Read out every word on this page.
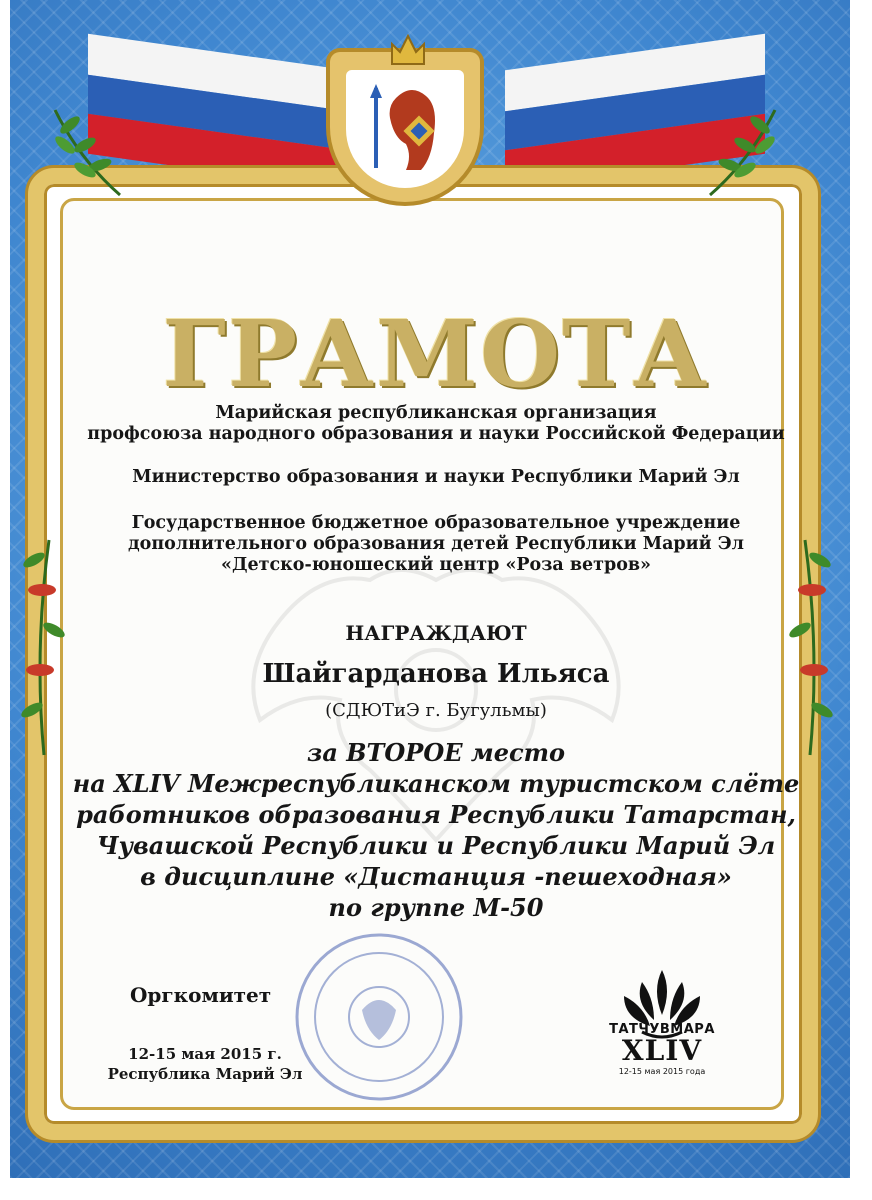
ГРАМОТА
Марийская республиканская организация
профсоюза народного образования и науки Российской Федерации
Министерство образования и науки Республики Марий Эл
Государственное бюджетное образовательное учреждение
дополнительного образования детей Республики Марий Эл
«Детско-юношеский центр «Роза ветров»
НАГРАЖДАЮТ
Шайгарданова Ильяса
(СДЮТиЭ г. Бугульмы)
за ВТОРОЕ место
на XLIV Межреспубликанском туристском слёте
работников образования Республики Татарстан,
Чувашской Республики и Республики Марий Эл
в дисциплине «Дистанция -пешеходная»
по группе М-50
Оргкомитет
12-15 мая 2015 г.
Республика Марий Эл
ТАТЧУВМАРА
XLIV
12-15 мая 2015 года
